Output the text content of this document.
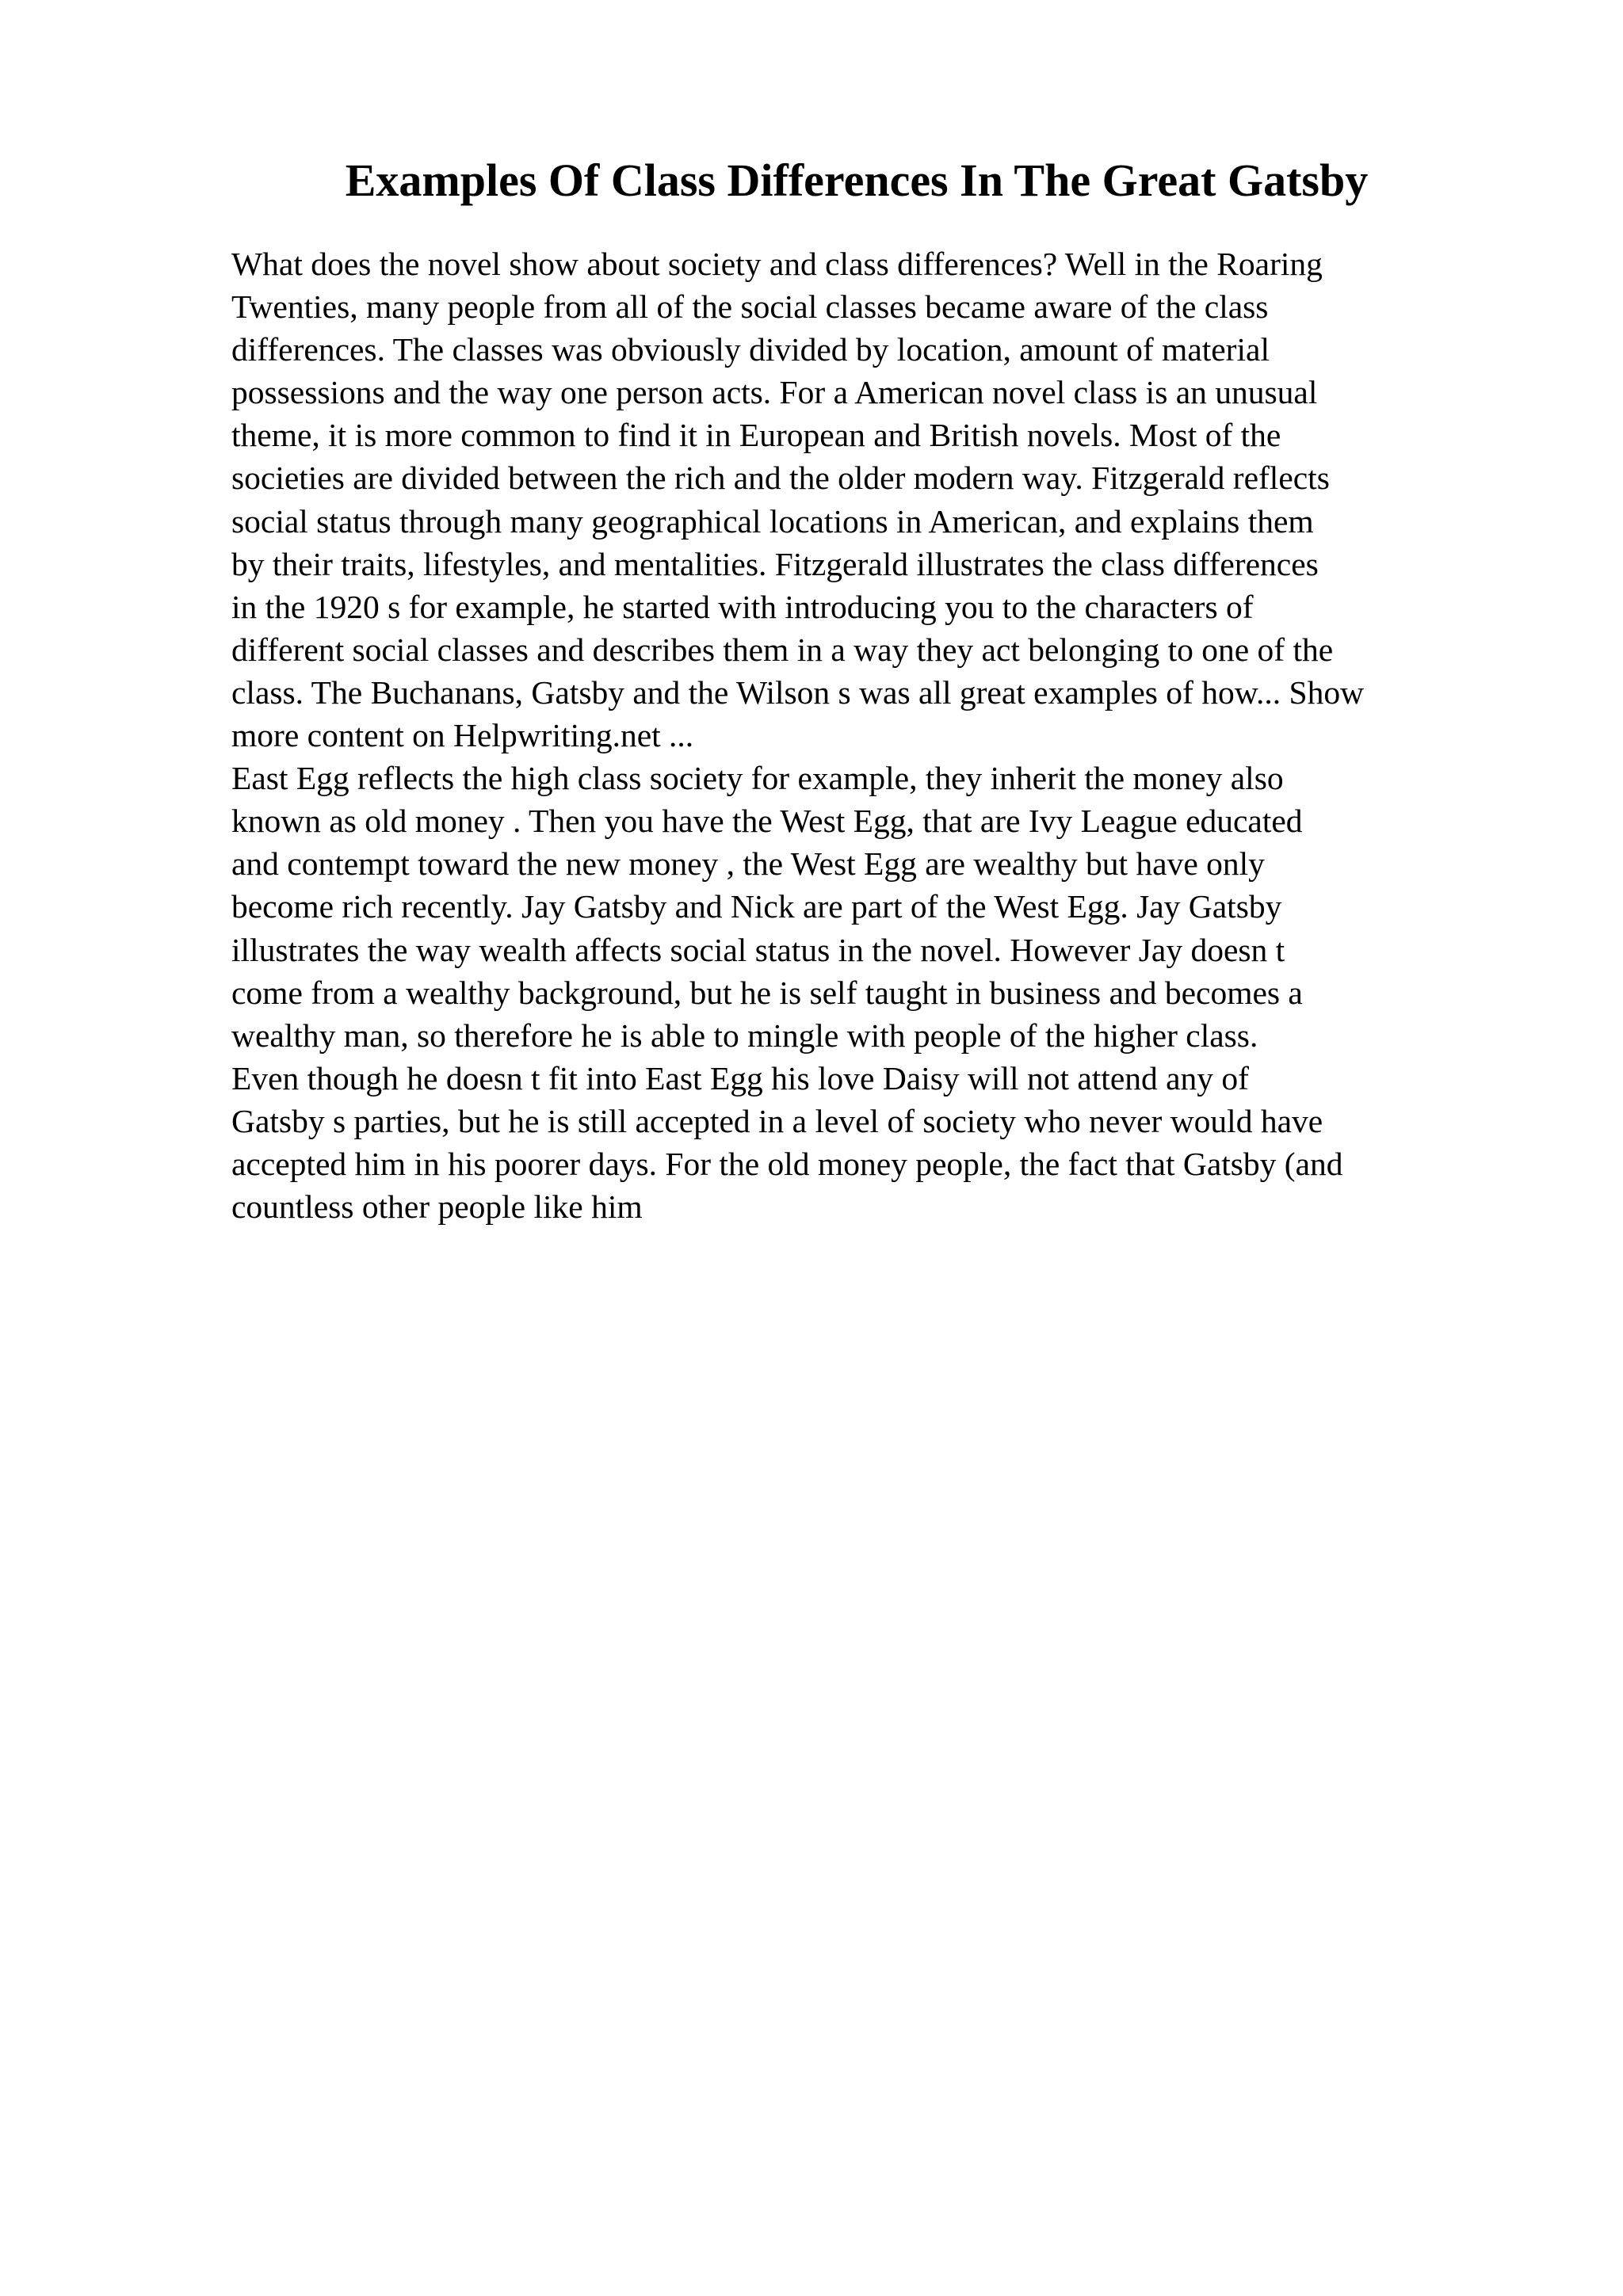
Examples Of Class Differences In The Great Gatsby
What does the novel show about society and class differences? Well in the Roaring
Twenties, many people from all of the social classes became aware of the class
differences. The classes was obviously divided by location, amount of material
possessions and the way one person acts. For a American novel class is an unusual
theme, it is more common to find it in European and British novels. Most of the
societies are divided between the rich and the older modern way. Fitzgerald reflects
social status through many geographical locations in American, and explains them
by their traits, lifestyles, and mentalities. Fitzgerald illustrates the class differences
in the 1920 s for example, he started with introducing you to the characters of
different social classes and describes them in a way they act belonging to one of the
class. The Buchanans, Gatsby and the Wilson s was all great examples of how... Show
more content on Helpwriting.net ...
East Egg reflects the high class society for example, they inherit the money also
known as old money . Then you have the West Egg, that are Ivy League educated
and contempt toward the new money , the West Egg are wealthy but have only
become rich recently. Jay Gatsby and Nick are part of the West Egg. Jay Gatsby
illustrates the way wealth affects social status in the novel. However Jay doesn t
come from a wealthy background, but he is self taught in business and becomes a
wealthy man, so therefore he is able to mingle with people of the higher class.
Even though he doesn t fit into East Egg his love Daisy will not attend any of
Gatsby s parties, but he is still accepted in a level of society who never would have
accepted him in his poorer days. For the old money people, the fact that Gatsby (and
countless other people like him
